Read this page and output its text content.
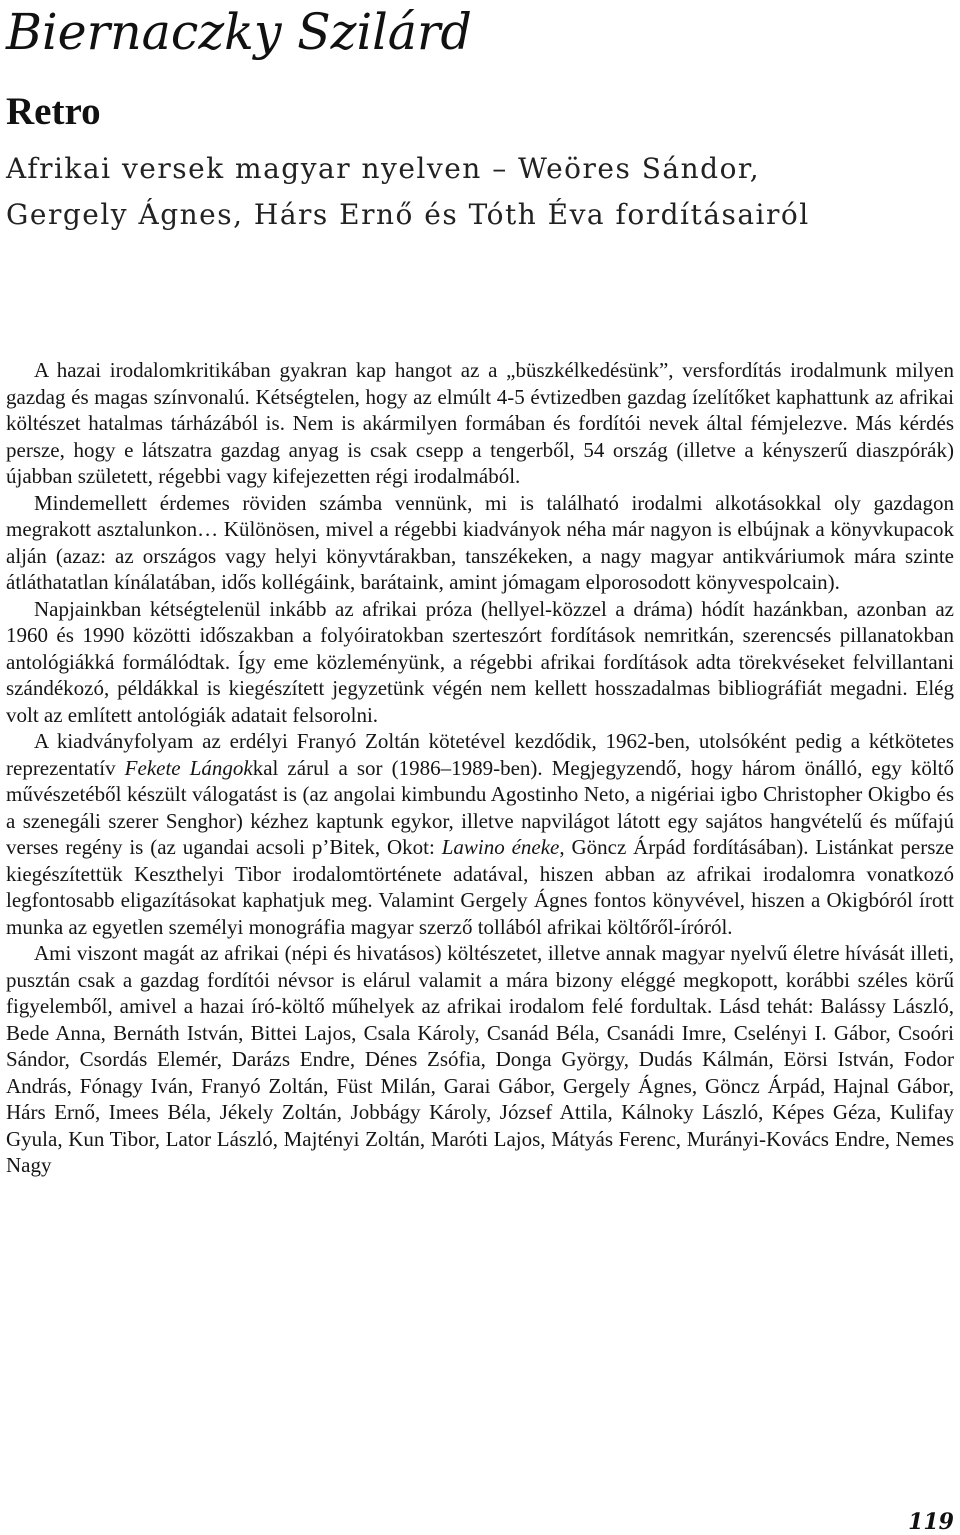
Biernaczky Szilárd
Retro
Afrikai versek magyar nyelven – Weöres Sándor,
Gergely Ágnes, Hárs Ernő és Tóth Éva fordításairól

A hazai irodalomkritikában gyakran kap hangot az a „büszkélkedésünk”, versfordítás irodalmunk milyen gazdag és magas színvonalú. Kétségtelen, hogy az elmúlt 4-5 évtizedben gazdag ízelítőket kaphattunk az afrikai költészet hatalmas tárházából is. Nem is akármilyen formában és fordítói nevek által fémjelezve. Más kérdés persze, hogy e látszatra gazdag anyag is csak csepp a tengerből, 54 ország (illetve a kényszerű diaszpórák) újabban született, régebbi vagy kifejezetten régi irodalmából.

Mindemellett érdemes röviden számba vennünk, mi is található irodalmi alkotásokkal oly gazdagon megrakott asztalunkon… Különösen, mivel a régebbi kiadványok néha már nagyon is elbújnak a könyvkupacok alján (azaz: az országos vagy helyi könyvtárakban, tanszékeken, a nagy magyar antikváriumok mára szinte átláthatatlan kínálatában, idős kollégáink, barátaink, amint jómagam elporosodott könyvespolcain).

Napjainkban kétségtelenül inkább az afrikai próza (hellyel-közzel a dráma) hódít hazánkban, azonban az 1960 és 1990 közötti időszakban a folyóiratokban szerteszórt fordítások nemritkán, szerencsés pillanatokban antológiákká formálódtak. Így eme közleményünk, a régebbi afrikai fordítások adta törekvéseket felvillantani szándékozó, példákkal is kiegészített jegyzetünk végén nem kellett hosszadalmas bibliográfiát megadni. Elég volt az említett antológiák adatait felsorolni.

A kiadványfolyam az erdélyi Franyó Zoltán kötetével kezdődik, 1962-ben, utolsóként pedig a kétkötetes reprezentatív Fekete Lángokkal zárul a sor (1986–1989-ben). Megjegyzendő, hogy három önálló, egy költő művészetéből készült válogatást is (az angolai kimbundu Agostinho Neto, a nigériai igbo Christopher Okigbo és a szenegáli szerer Senghor) kézhez kaptunk egykor, illetve napvilágot látott egy sajátos hangvételű és műfajú verses regény is (az ugandai acsoli p’Bitek, Okot: Lawino éneke, Göncz Árpád fordításában). Listánkat persze kiegészítettük Keszthelyi Tibor irodalomtörténete adatával, hiszen abban az afrikai irodalomra vonatkozó legfontosabb eligazításokat kaphatjuk meg. Valamint Gergely Ágnes fontos könyvével, hiszen a Okigbóról írott munka az egyetlen személyi monográfia magyar szerző tollából afrikai költőről-íróról.

Ami viszont magát az afrikai (népi és hivatásos) költészetet, illetve annak magyar nyelvű életre hívását illeti, pusztán csak a gazdag fordítói névsor is elárul valamit a mára bizony eléggé megkopott, korábbi széles körű figyelemből, amivel a hazai író-költő műhelyek az afrikai irodalom felé fordultak. Lásd tehát: Balássy László, Bede Anna, Bernáth István, Bittei Lajos, Csala Károly, Csanád Béla, Csanádi Imre, Cselényi I. Gábor, Csoóri Sándor, Csordás Elemér, Darázs Endre, Dénes Zsófia, Donga György, Dudás Kálmán, Eörsi István, Fodor András, Fónagy Iván, Franyó Zoltán, Füst Milán, Garai Gábor, Gergely Ágnes, Göncz Árpád, Hajnal Gábor, Hárs Ernő, Imees Béla, Jékely Zoltán, Jobbágy Károly, József Attila, Kálnoky László, Képes Géza, Kulifay Gyula, Kun Tibor, Lator László, Majtényi Zoltán, Maróti Lajos, Mátyás Ferenc, Murányi-Kovács Endre, Nemes Nagy

119
